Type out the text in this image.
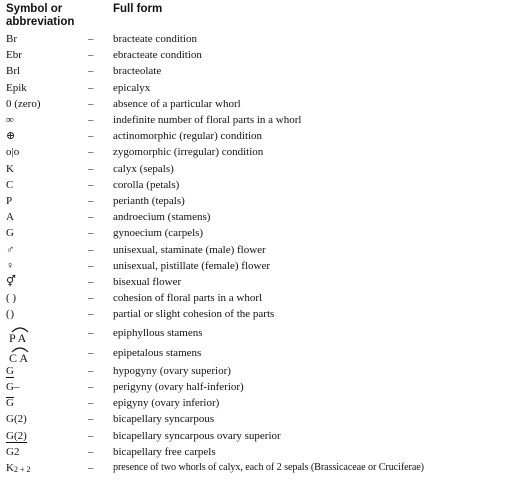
Symbol or abbreviation
Full form
Br	–	bracteate condition
Ebr	–	ebracteate condition
Brl	–	bracteolate
Epik	–	epicalyx
0 (zero)	–	absence of a particular whorl
∞	–	indefinite number of floral parts in a whorl
⊕	–	actinomorphic (regular) condition
o|o	–	zygomorphic (irregular) condition
K	–	calyx (sepals)
C	–	corolla (petals)
P	–	perianth (tepals)
A	–	androecium (stamens)
G	–	gynoecium (carpels)
♂	–	unisexual, staminate (male) flower
♀	–	unisexual, pistillate (female) flower
⚥	–	bisexual flower
( )	–	cohesion of floral parts in a whorl
( )	–	partial or slight cohesion of the parts
P A	–	epiphyllous stamens
C A	–	epipetalous stamens
G	–	hypogyny (ovary superior)
G–	–	perigyny (ovary half-inferior)
G	–	epigyny (ovary inferior)
G(2)	–	bicapellary syncarpous
G(2)	–	bicapellary syncarpous ovary superior
G2	–	bicapellary free carpels
K2 + 2	–	presence of two whorls of calyx, each of 2 sepals (Brassicaceae or Cruciferae)
